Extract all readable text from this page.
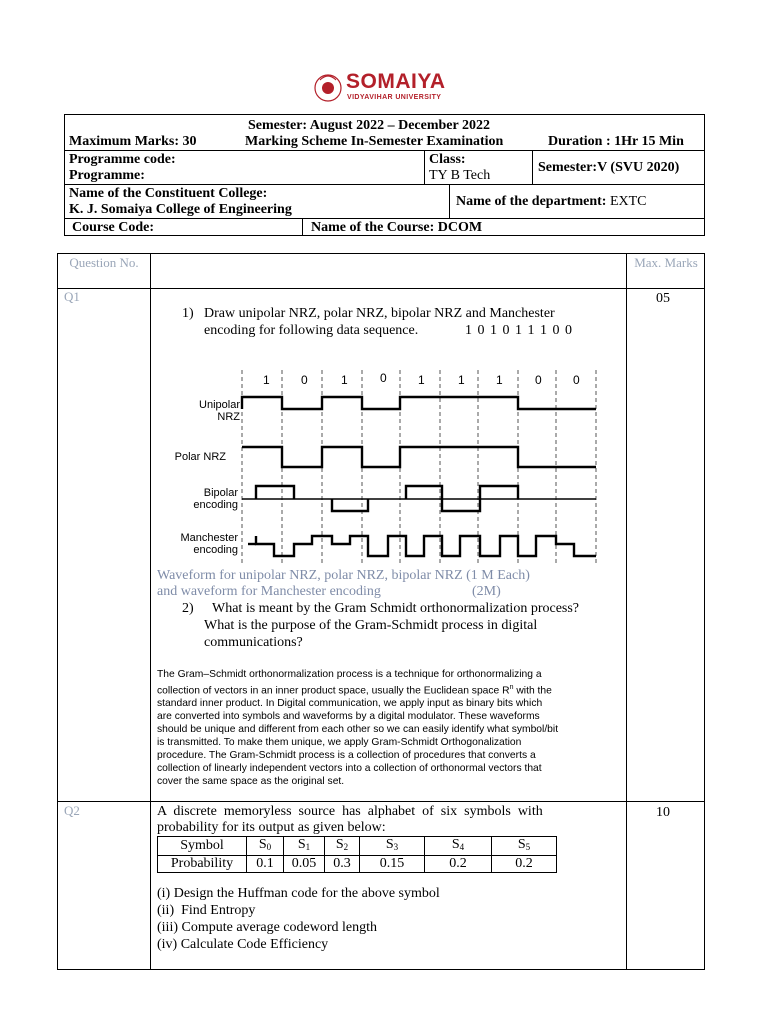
SOMAIYA
VIDYAVIHAR UNIVERSITY
Semester: August 2022 – December 2022
Maximum Marks: 30	Marking Scheme In-Semester Examination	Duration : 1Hr 15 Min
Programme code:
Programme:
Class:
TY B Tech
Semester:V (SVU 2020)
Name of the Constituent College:
K. J. Somaiya College of Engineering
Name of the department: EXTC
Course Code:	Name of the Course: DCOM
Question No.	Max. Marks
Q1	05
1) Draw unipolar NRZ, polar NRZ, bipolar NRZ and Manchester
encoding for following data sequence.	1 0 1 0 1 1 1 0 0
1	0	1	0	1	1	1	0	0
Unipolar
NRZ
Polar NRZ
Bipolar
encoding
Manchester
encoding
Waveform for unipolar NRZ, polar NRZ, bipolar NRZ (1 M Each)
and waveform for Manchester encoding	(2M)
2) What is meant by the Gram Schmidt orthonormalization process?
What is the purpose of the Gram-Schmidt process in digital
communications?
The Gram–Schmidt orthonormalization process is a technique for orthonormalizing a
collection of vectors in an inner product space, usually the Euclidean space $R^n$ with the
standard inner product. In Digital communication, we apply input as binary bits which
are converted into symbols and waveforms by a digital modulator. These waveforms
should be unique and different from each other so we can easily identify what symbol/bit
is transmitted. To make them unique, we apply Gram-Schmidt Orthogonalization
procedure. The Gram-Schmidt process is a collection of procedures that converts a
collection of linearly independent vectors into a collection of orthonormal vectors that
cover the same space as the original set.
Q2	10
A  discrete  memoryless  source  has  alphabet  of  six  symbols  with
probability for its output as given below:
Symbol	$S_0$	$S_1$	$S_2$	$S_3$	$S_4$	$S_5$
Probability	0.1	0.05	0.3	0.15	0.2	0.2
(i) Design the Huffman code for the above symbol
(ii)  Find Entropy
(iii) Compute average codeword length
(iv) Calculate Code Efficiency
